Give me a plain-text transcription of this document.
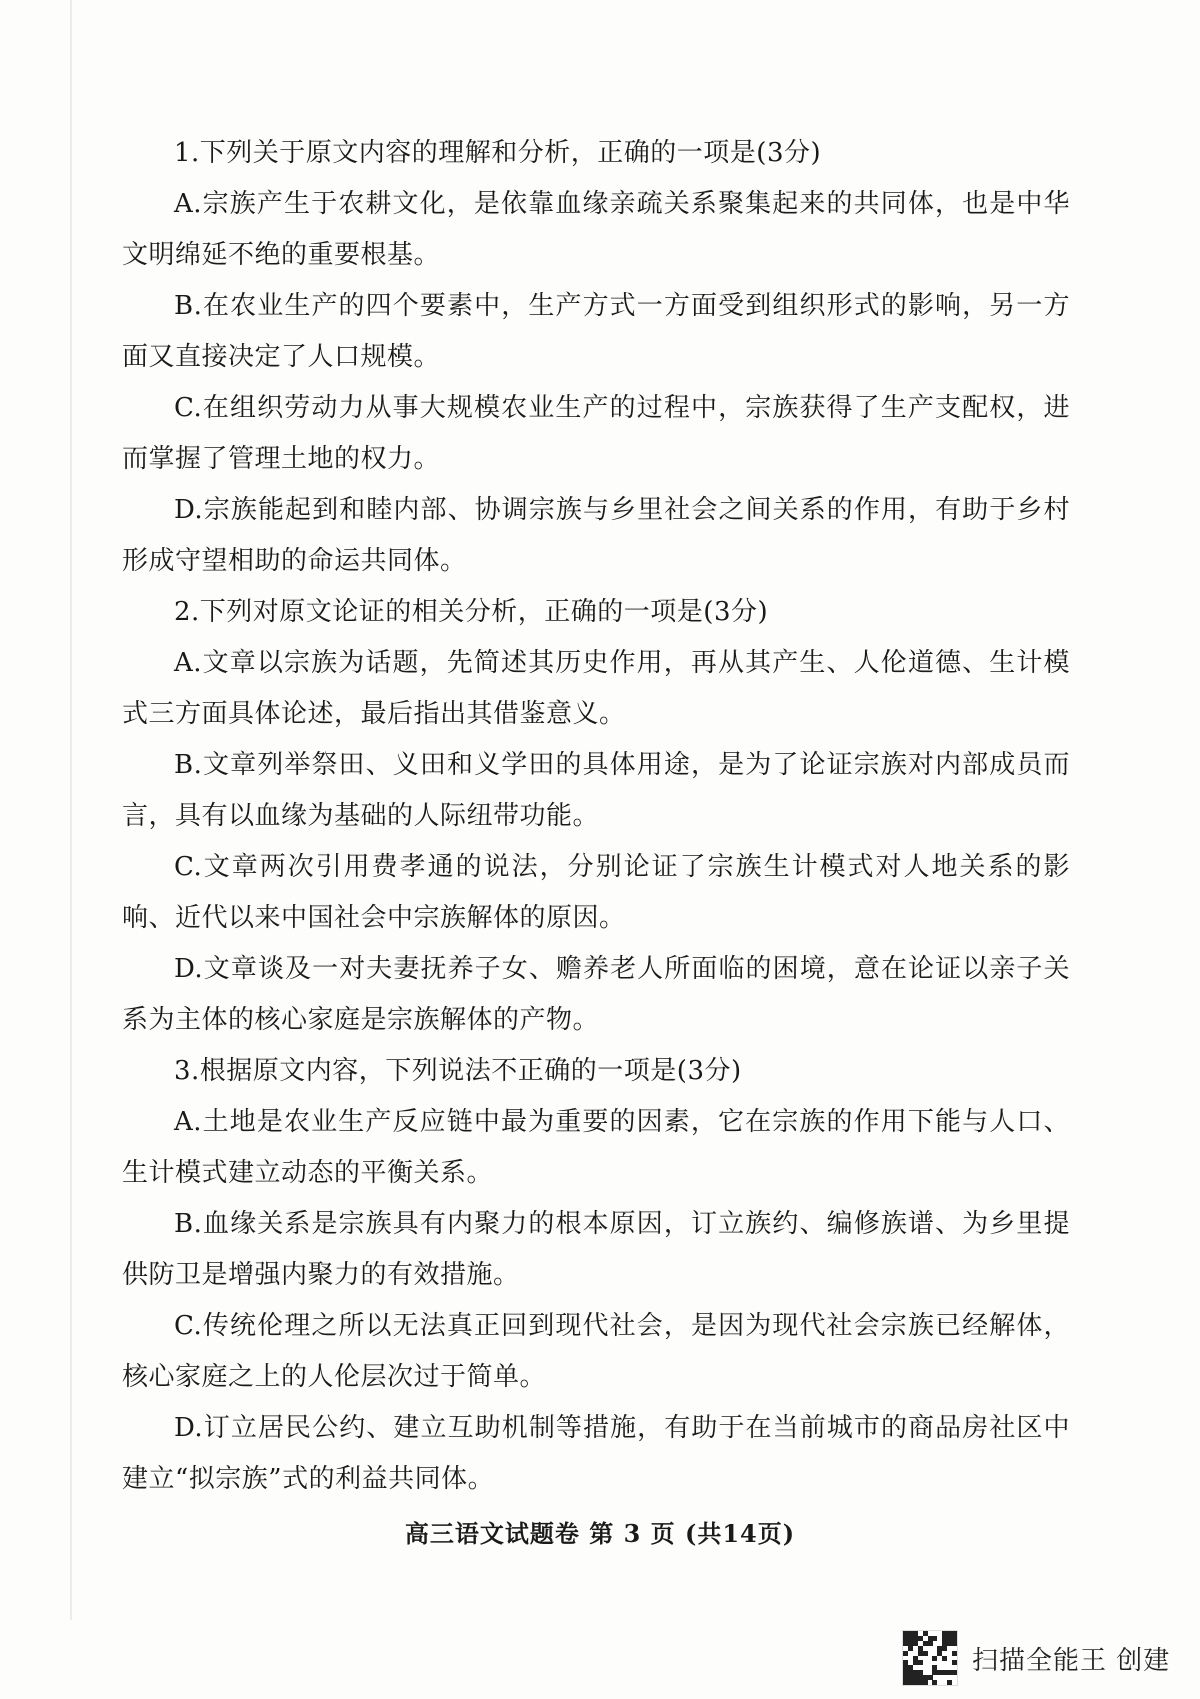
1.下列关于原文内容的理解和分析，正确的一项是(3分)

A.宗族产生于农耕文化，是依靠血缘亲疏关系聚集起来的共同体，也是中华文明绵延不绝的重要根基。

B.在农业生产的四个要素中，生产方式一方面受到组织形式的影响，另一方面又直接决定了人口规模。

C.在组织劳动力从事大规模农业生产的过程中，宗族获得了生产支配权，进而掌握了管理土地的权力。

D.宗族能起到和睦内部、协调宗族与乡里社会之间关系的作用，有助于乡村形成守望相助的命运共同体。

2.下列对原文论证的相关分析，正确的一项是(3分)

A.文章以宗族为话题，先简述其历史作用，再从其产生、人伦道德、生计模式三方面具体论述，最后指出其借鉴意义。

B.文章列举祭田、义田和义学田的具体用途，是为了论证宗族对内部成员而言，具有以血缘为基础的人际纽带功能。

C.文章两次引用费孝通的说法，分别论证了宗族生计模式对人地关系的影响、近代以来中国社会中宗族解体的原因。

D.文章谈及一对夫妻抚养子女、赡养老人所面临的困境，意在论证以亲子关系为主体的核心家庭是宗族解体的产物。

3.根据原文内容，下列说法不正确的一项是(3分)

A.土地是农业生产反应链中最为重要的因素，它在宗族的作用下能与人口、生计模式建立动态的平衡关系。

B.血缘关系是宗族具有内聚力的根本原因，订立族约、编修族谱、为乡里提供防卫是增强内聚力的有效措施。

C.传统伦理之所以无法真正回到现代社会，是因为现代社会宗族已经解体，核心家庭之上的人伦层次过于简单。

D.订立居民公约、建立互助机制等措施，有助于在当前城市的商品房社区中建立“拟宗族”式的利益共同体。

高三语文试题卷 第 3 页 (共14页)
扫描全能王 创建
